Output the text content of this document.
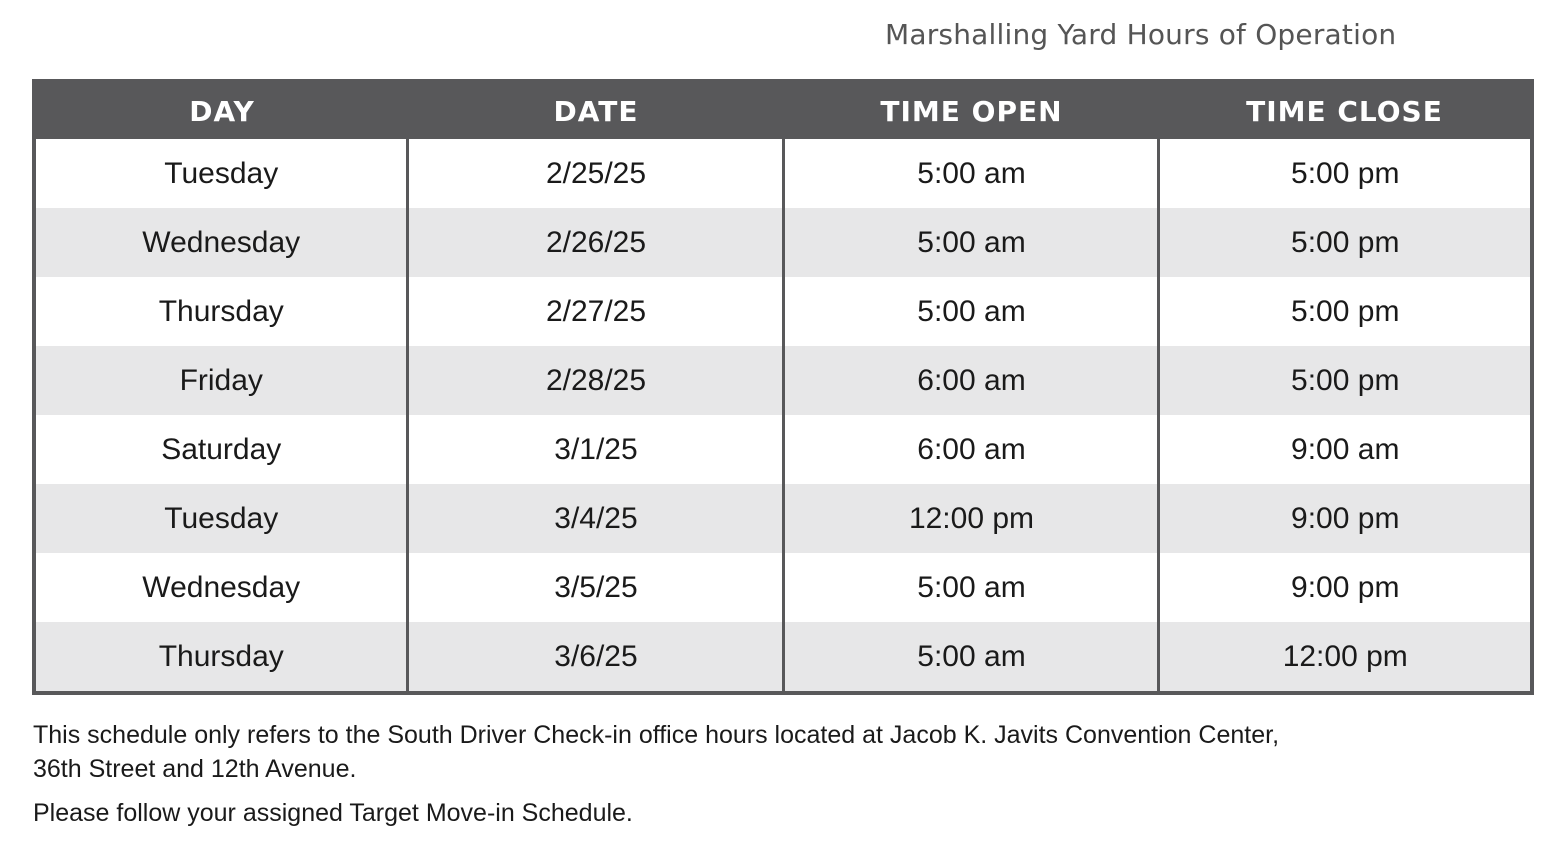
Marshalling Yard Hours of Operation
DAY	DATE	TIME OPEN	TIME CLOSE
Tuesday	2/25/25	5:00 am	5:00 pm
Wednesday	2/26/25	5:00 am	5:00 pm
Thursday	2/27/25	5:00 am	5:00 pm
Friday	2/28/25	6:00 am	5:00 pm
Saturday	3/1/25	6:00 am	9:00 am
Tuesday	3/4/25	12:00 pm	9:00 pm
Wednesday	3/5/25	5:00 am	9:00 pm
Thursday	3/6/25	5:00 am	12:00 pm
This schedule only refers to the South Driver Check-in office hours located at Jacob K. Javits Convention Center,
36th Street and 12th Avenue.
Please follow your assigned Target Move-in Schedule.
